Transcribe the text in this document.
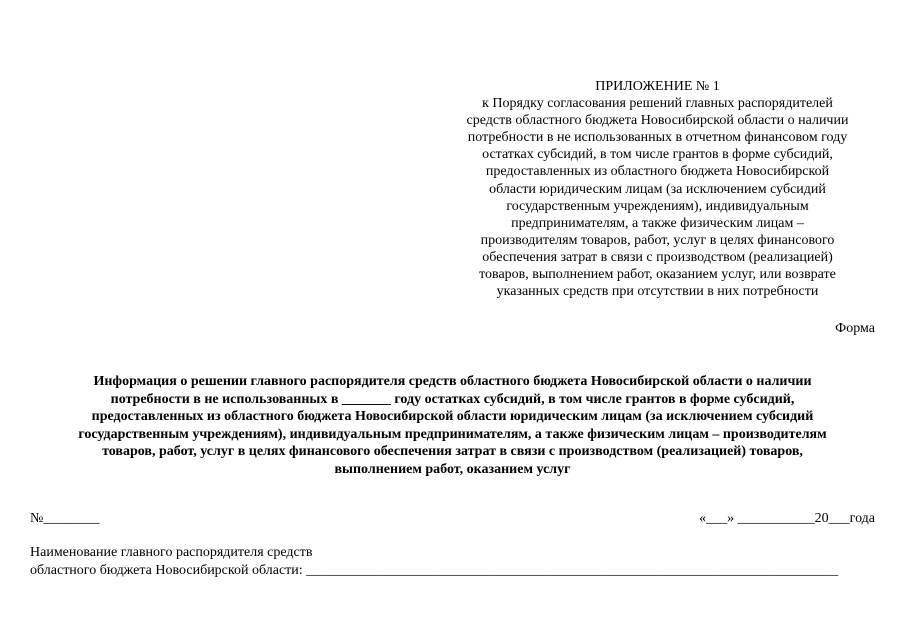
ПРИЛОЖЕНИЕ № 1
к Порядку согласования решений главных распорядителей
средств областного бюджета Новосибирской области о наличии
потребности в не использованных в отчетном финансовом году
остатках субсидий, в том числе грантов в форме субсидий,
предоставленных из областного бюджета Новосибирской
области юридическим лицам (за исключением субсидий
государственным учреждениям), индивидуальным
предпринимателям, а также физическим лицам –
производителям товаров, работ, услуг в целях финансового
обеспечения затрат в связи с производством (реализацией)
товаров, выполнением работ, оказанием услуг, или возврате
указанных средств при отсутствии в них потребности
Форма
Информация о решении главного распорядителя средств областного бюджета Новосибирской области о наличии
потребности в не использованных в _______ году остатках субсидий, в том числе грантов в форме субсидий,
предоставленных из областного бюджета Новосибирской области юридическим лицам (за исключением субсидий
государственным учреждениям), индивидуальным предпринимателям, а также физическим лицам – производителям
товаров, работ, услуг в целях финансового обеспечения затрат в связи с производством (реализацией) товаров,
выполнением работ, оказанием услуг
№________	«___» ___________20___года
Наименование главного распорядителя средств
областного бюджета Новосибирской области: ____________________________________________________________________________
